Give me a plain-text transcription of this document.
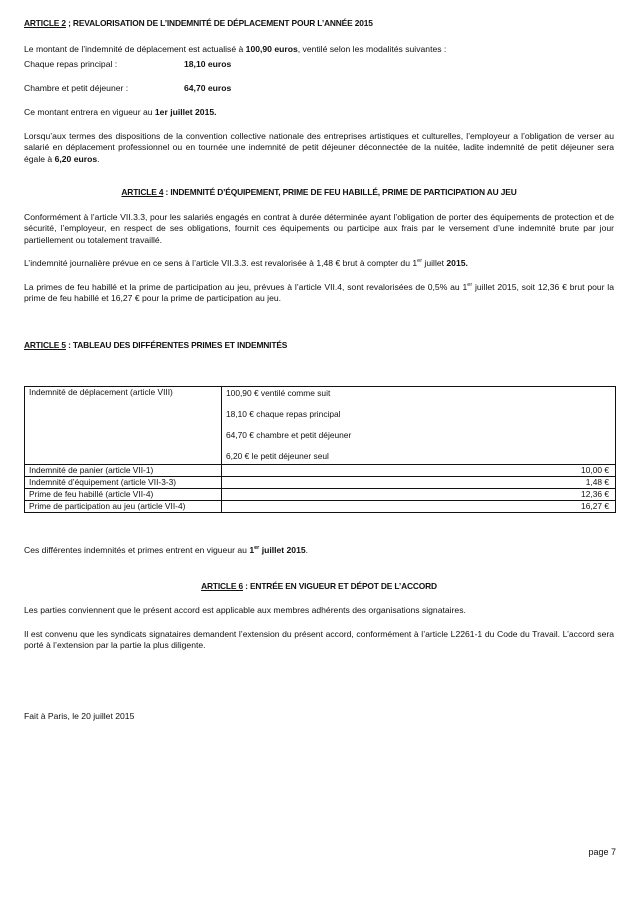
ARTICLE 2 ; REVALORISATION DE L’INDEMNITÉ DE DÉPLACEMENT POUR L’ANNÉE 2015

Le montant de l’indemnité de déplacement est actualisé à 100,90 euros, ventilé selon les modalités suivantes :

Chaque repas principal :	18,10 euros
Chambre et petit déjeuner :	64,70 euros

Ce montant entrera en vigueur au 1er juillet 2015.

Lorsqu’aux termes des dispositions de la convention collective nationale des entreprises artistiques et culturelles, l’employeur a l’obligation de verser au salarié en déplacement professionnel ou en tournée une indemnité de petit déjeuner déconnectée de la nuitée, ladite indemnité de petit déjeuner sera égale à 6,20 euros.

ARTICLE 4 : INDEMNITÉ D’ÉQUIPEMENT, PRIME DE FEU HABILLÉ, PRIME DE PARTICIPATION AU JEU

Conformément à l’article VII.3.3, pour les salariés engagés en contrat à durée déterminée ayant l’obligation de porter des équipements de protection et de sécurité, l’employeur, en respect de ses obligations, fournit ces équipements ou participe aux frais par le versement d’une indemnité brute par jour partiellement ou totalement travaillé.

L’indemnité journalière prévue en ce sens à l’article VII.3.3. est revalorisée à 1,48 € brut à compter du 1er juillet 2015.

La primes de feu habillé et la prime de participation au jeu, prévues à l’article VII.4, sont revalorisées de 0,5% au 1er juillet 2015, soit 12,36 € brut pour la prime de feu habillé et 16,27 € pour la prime de participation au jeu.

ARTICLE 5 : TABLEAU DES DIFFÉRENTES PRIMES ET INDEMNITÉS
Indemnité de déplacement (article VIII)	100,90 € ventilé comme suit
18,10 € chaque repas principal
64,70 € chambre et petit déjeuner
6,20 € le petit déjeuner seul

Indemnité de panier (article VII-1)	10,00 €
Indemnité d’équipement (article VII-3-3)	1,48 €
Prime de feu habillé (article VII-4)	12,36 €
Prime de participation au jeu (article VII-4)	16,27 €

Ces différentes indemnités et primes entrent en vigueur au 1er juillet 2015.

ARTICLE 6 : ENTRÉE EN VIGUEUR ET DÉPOT DE L’ACCORD

Les parties conviennent que le présent accord est applicable aux membres adhérents des organisations signataires.

Il est convenu que les syndicats signataires demandent l’extension du présent accord, conformément à l’article L2261-1 du Code du Travail. L’accord sera porté à l’extension par la partie la plus diligente.

Fait à Paris, le 20 juillet 2015

page 7
